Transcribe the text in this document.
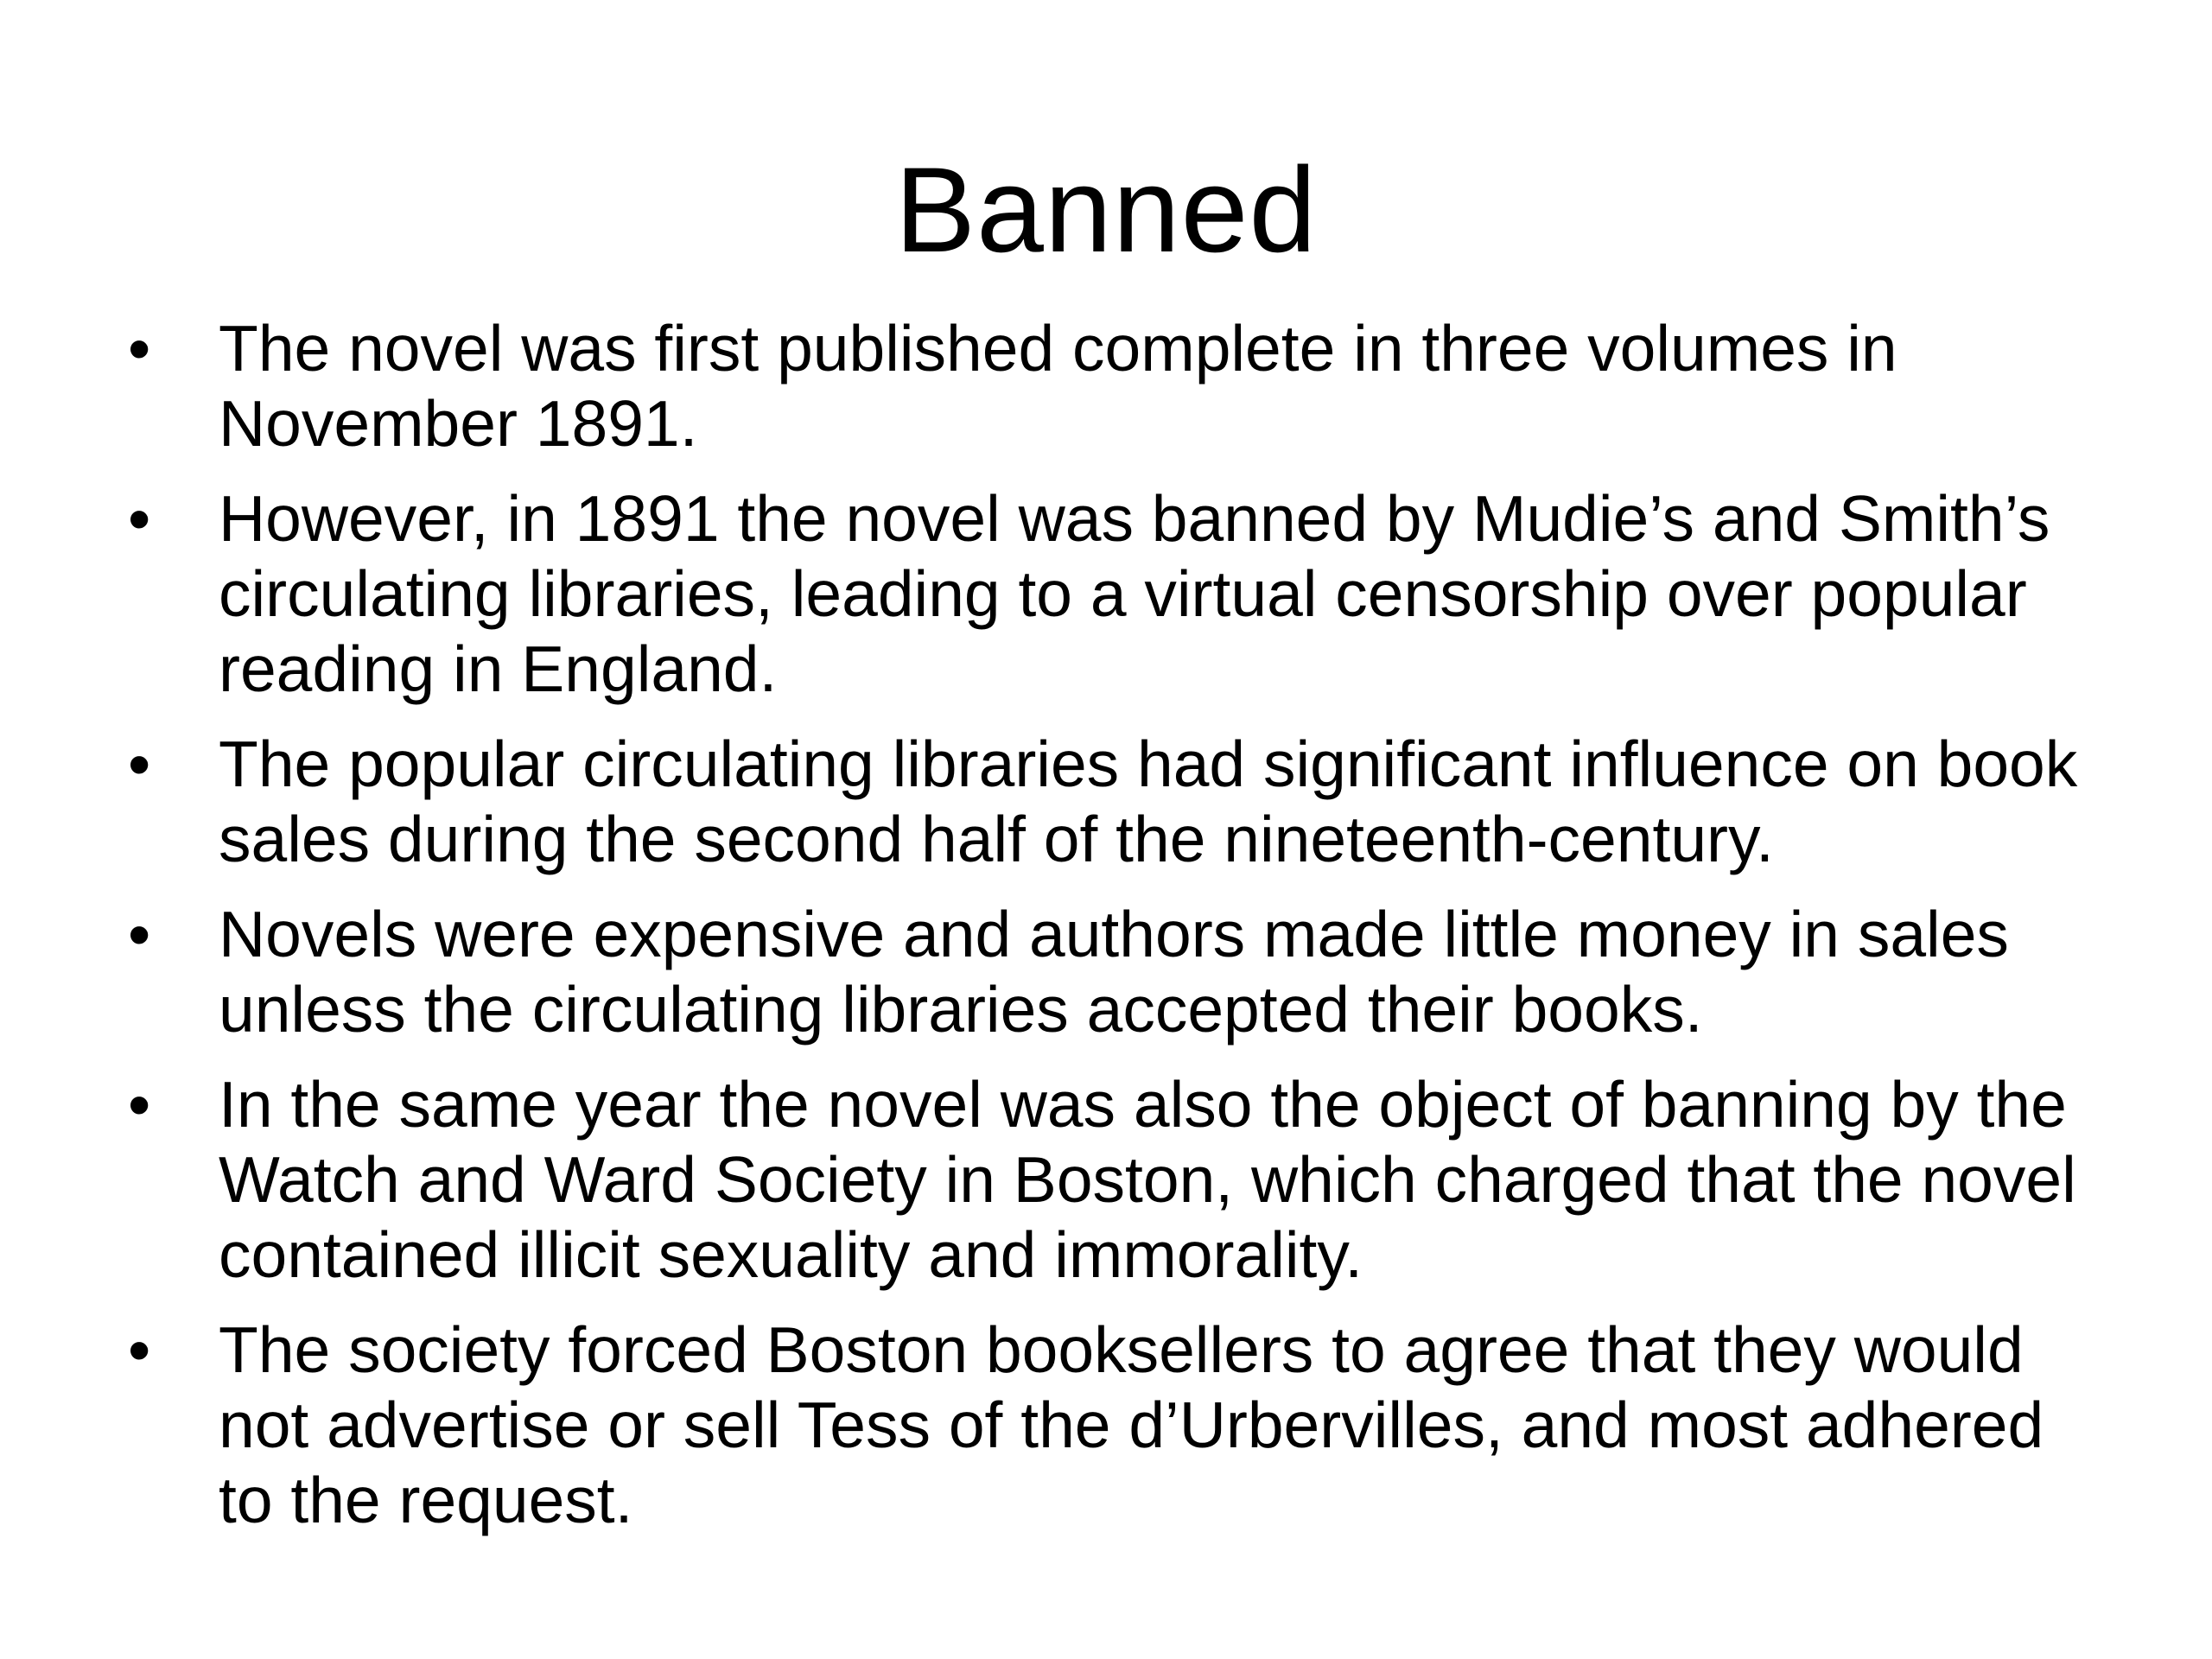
Banned
•	The novel was first published complete in three volumes in November 1891.
•	However, in 1891 the novel was banned by Mudie’s and Smith’s circulating libraries, leading to a virtual censorship over popular reading in England.
•	The popular circulating libraries had significant influence on book sales during the second half of the nineteenth-century.
•	Novels were expensive and authors made little money in sales unless the circulating libraries accepted their books.
•	In the same year the novel was also the object of banning by the Watch and Ward Society in Boston, which charged that the novel contained illicit sexuality and immorality.
•	The society forced Boston booksellers to agree that they would not advertise or sell Tess of the d’Urbervilles, and most adhered to the request.
